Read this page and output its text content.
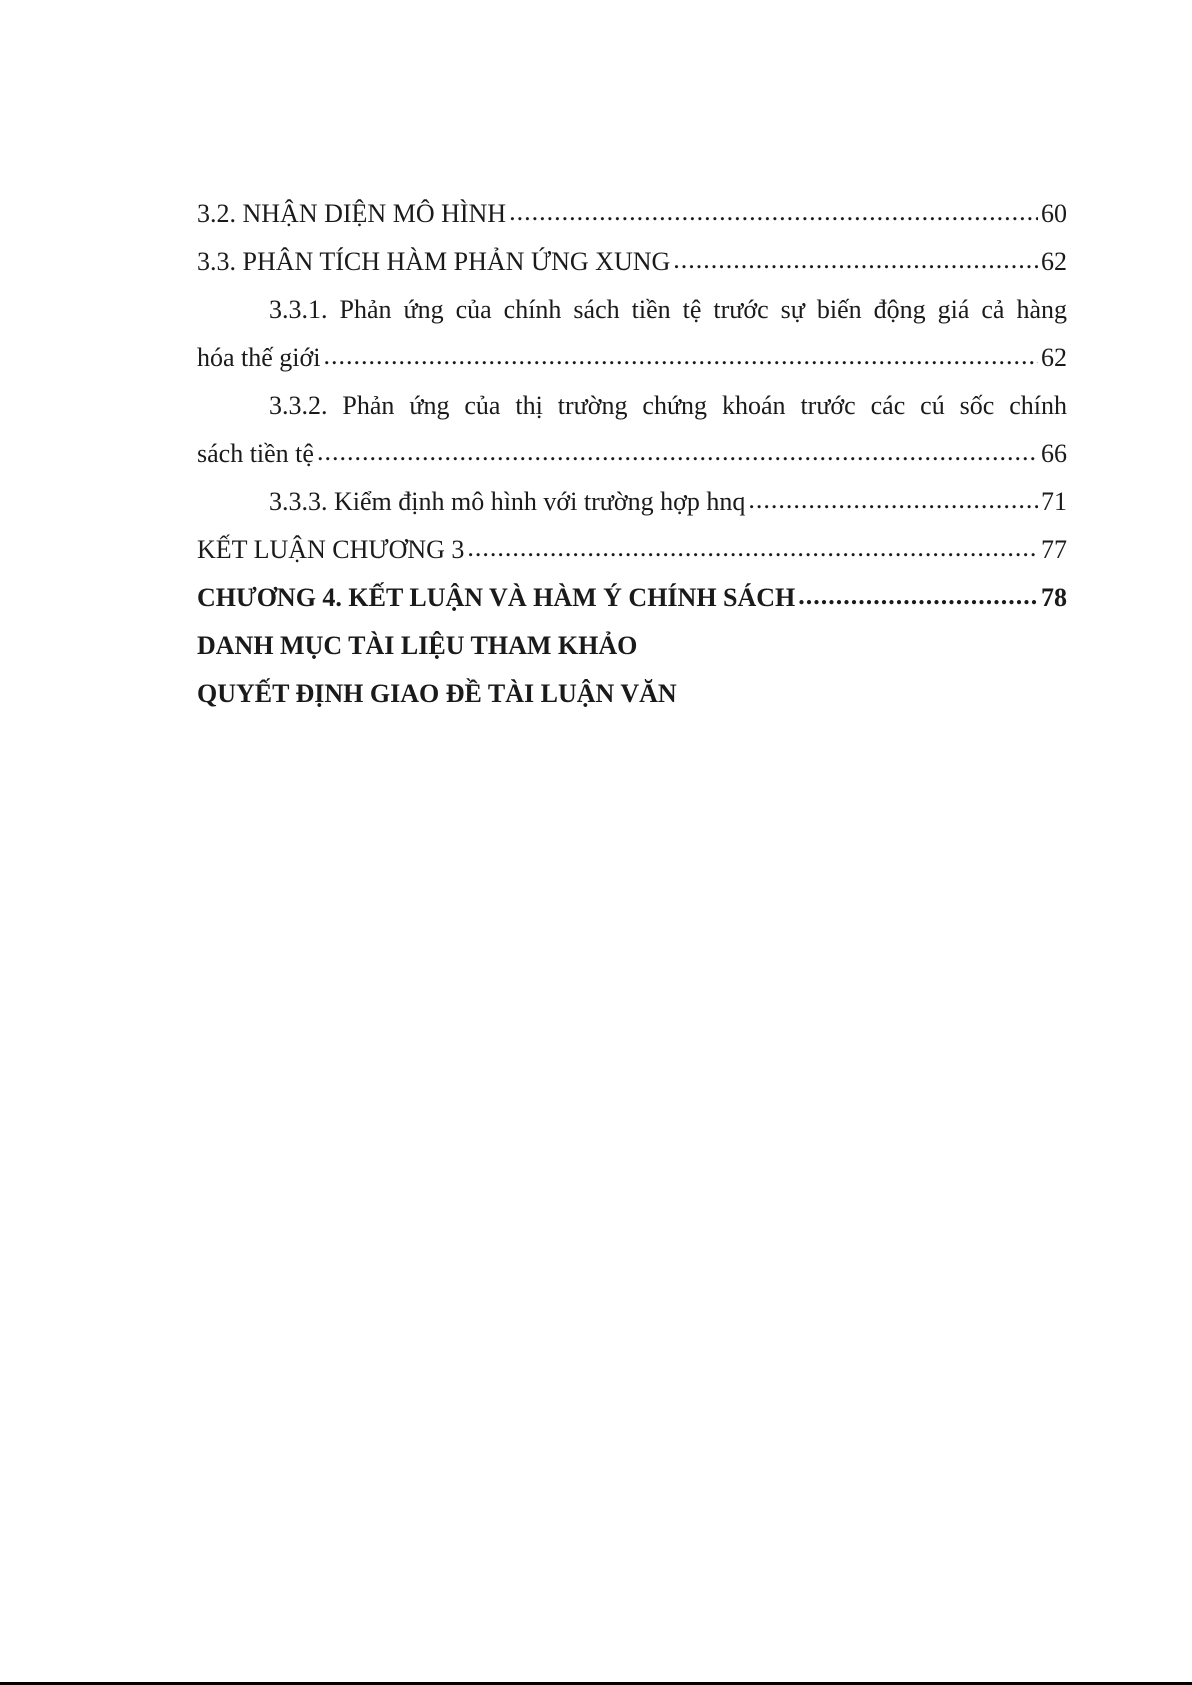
3.2. NHẬN DIỆN MÔ HÌNH .....	60
3.3. PHÂN TÍCH HÀM PHẢN ỨNG XUNG .....	62
3.3.1. Phản ứng của chính sách tiền tệ trước sự biến động giá cả hàng
hóa thế giới .....	62
3.3.2. Phản ứng của thị trường chứng khoán trước các cú sốc chính
sách tiền tệ .....	66
3.3.3. Kiểm định mô hình với trường hợp hnq .....	71
KẾT LUẬN CHƯƠNG 3 .....	77
CHƯƠNG 4. KẾT LUẬN VÀ HÀM Ý CHÍNH SÁCH .....	78
DANH MỤC TÀI LIỆU THAM KHẢO
QUYẾT ĐỊNH GIAO ĐỀ TÀI LUẬN VĂN
